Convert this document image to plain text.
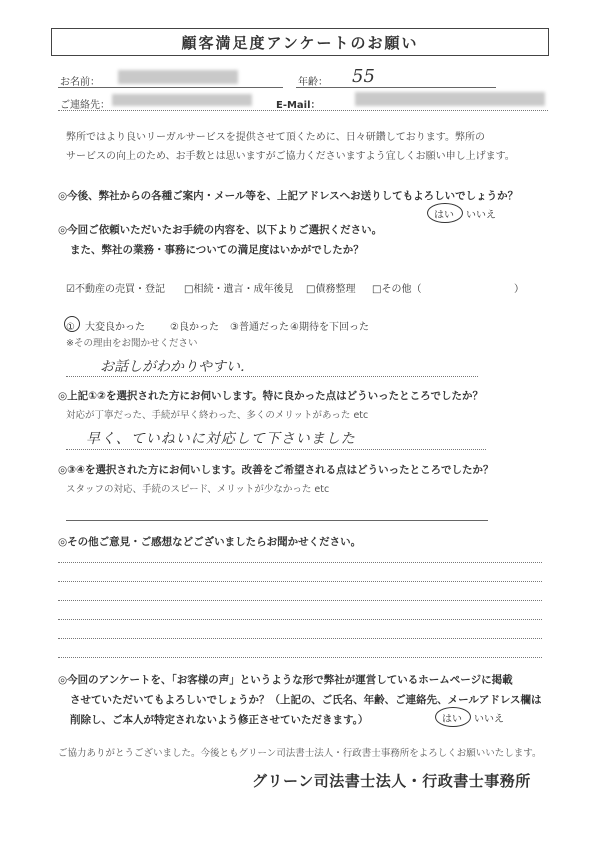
顧客満足度アンケートのお願い
お名前：	年齢： 55
ご連絡先：	E-Mail：
弊所ではより良いリーガルサービスを提供させて頂くために、日々研鑽しております。弊所の
サービスの向上のため、お手数とは思いますがご協力くださいますよう宜しくお願い申し上げます。
◎今後、弊社からの各種ご案内・メール等を、上記アドレスへお送りしてもよろしいでしょうか？
はい いいえ
◎今回ご依頼いただいたお手続の内容を、以下よりご選択ください。
また、弊社の業務・事務についての満足度はいかがでしたか？
☑不動産の売買・登記 □相続・遺言・成年後見 □債務整理 □その他（	）
①　大変良かった	②良かった ③普通だった ④期待を下回った
※その理由をお聞かせください
お話しがわかりやすい．
◎上記①②を選択された方にお伺いします。特に良かった点はどういったところでしたか？
対応が丁寧だった、手続が早く終わった、多くのメリットがあった etc
早く、ていねいに対応して下さいました
◎③④を選択された方にお伺いします。改善をご希望される点はどういったところでしたか？
スタッフの対応、手続のスピード、メリットが少なかった etc
◎その他ご意見・ご感想などございましたらお聞かせください。
◎今回のアンケートを、「お客様の声」というような形で弊社が運営しているホームページに掲載
させていただいてもよろしいでしょうか？（上記の、ご氏名、年齢、ご連絡先、メールアドレス欄は
削除し、ご本人が特定されないよう修正させていただきます。）	はい いいえ
ご協力ありがとうございました。今後ともグリーン司法書士法人・行政書士事務所をよろしくお願いいたします。
グリーン司法書士法人・行政書士事務所
